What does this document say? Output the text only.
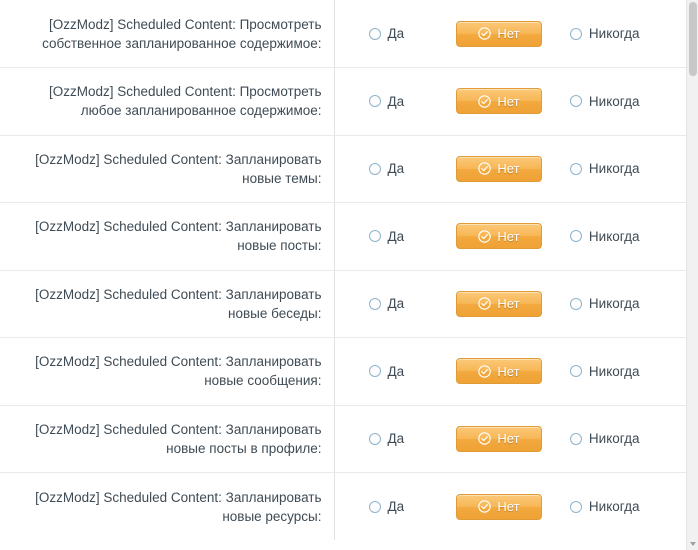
[OzzModz] Scheduled Content: Просмотреть собственное запланированное содержимое:	Да Нет Никогда

[OzzModz] Scheduled Content: Просмотреть любое запланированное содержимое:	Да Нет Никогда

[OzzModz] Scheduled Content: Запланировать новые темы:	Да Нет Никогда

[OzzModz] Scheduled Content: Запланировать новые посты:	Да Нет Никогда

[OzzModz] Scheduled Content: Запланировать новые беседы:	Да Нет Никогда

[OzzModz] Scheduled Content: Запланировать новые сообщения:	Да Нет Никогда

[OzzModz] Scheduled Content: Запланировать новые посты в профиле:	Да Нет Никогда

[OzzModz] Scheduled Content: Запланировать новые ресурсы:	Да Нет Никогда
